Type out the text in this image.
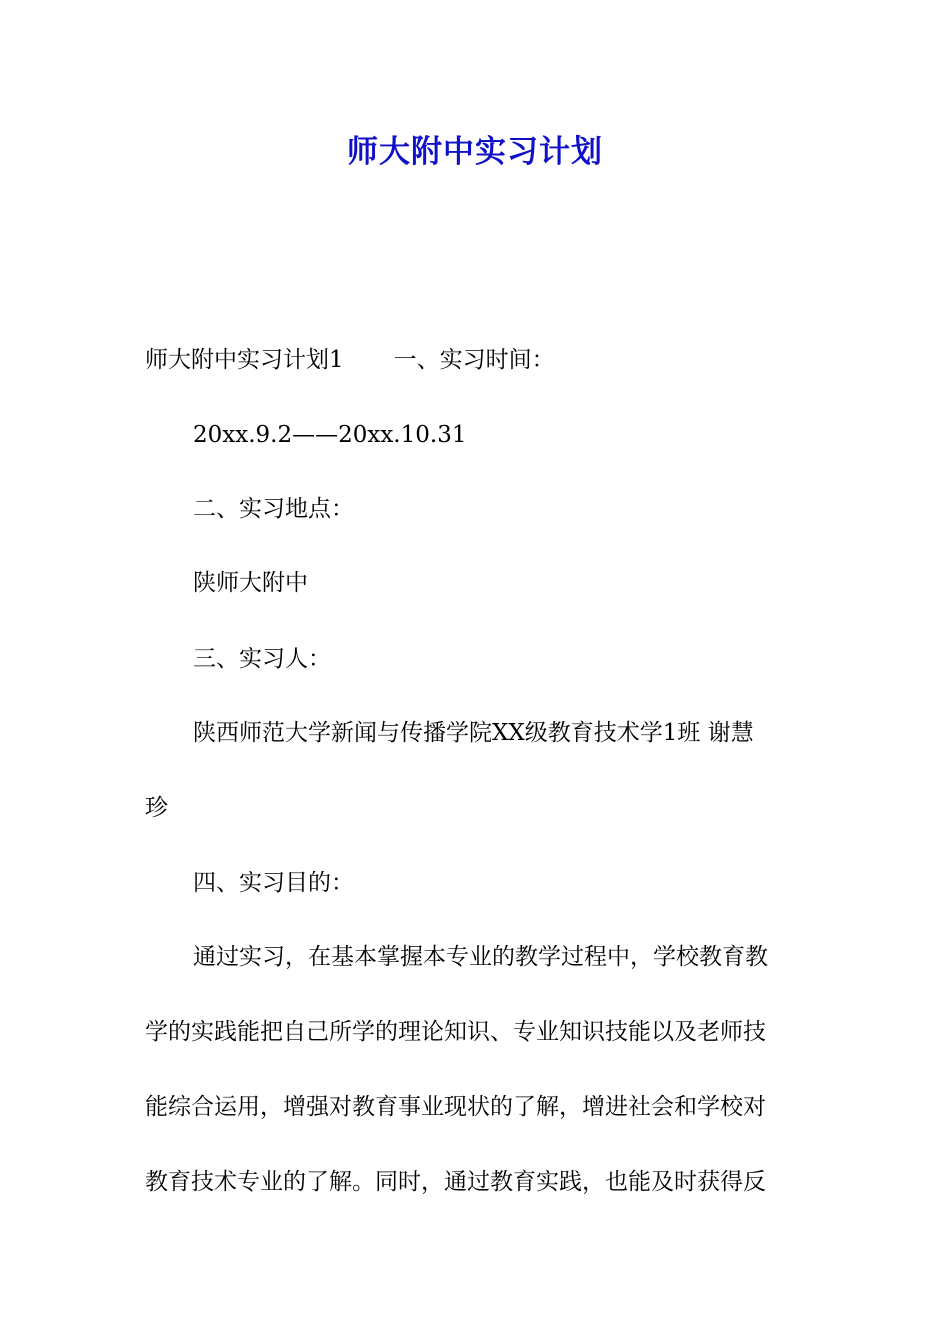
师大附中实习计划
师大附中实习计划1 一、实习时间：
20xx.9.2——20xx.10.31
二、实习地点：
陕师大附中
三、实习人：
陕西师范大学新闻与传播学院XX级教育技术学1班 谢慧
珍
四、实习目的：
通过实习，在基本掌握本专业的教学过程中，学校教育教
学的实践能把自己所学的理论知识、专业知识技能以及老师技
能综合运用，增强对教育事业现状的了解，增进社会和学校对
教育技术专业的了解。同时，通过教育实践，也能及时获得反
